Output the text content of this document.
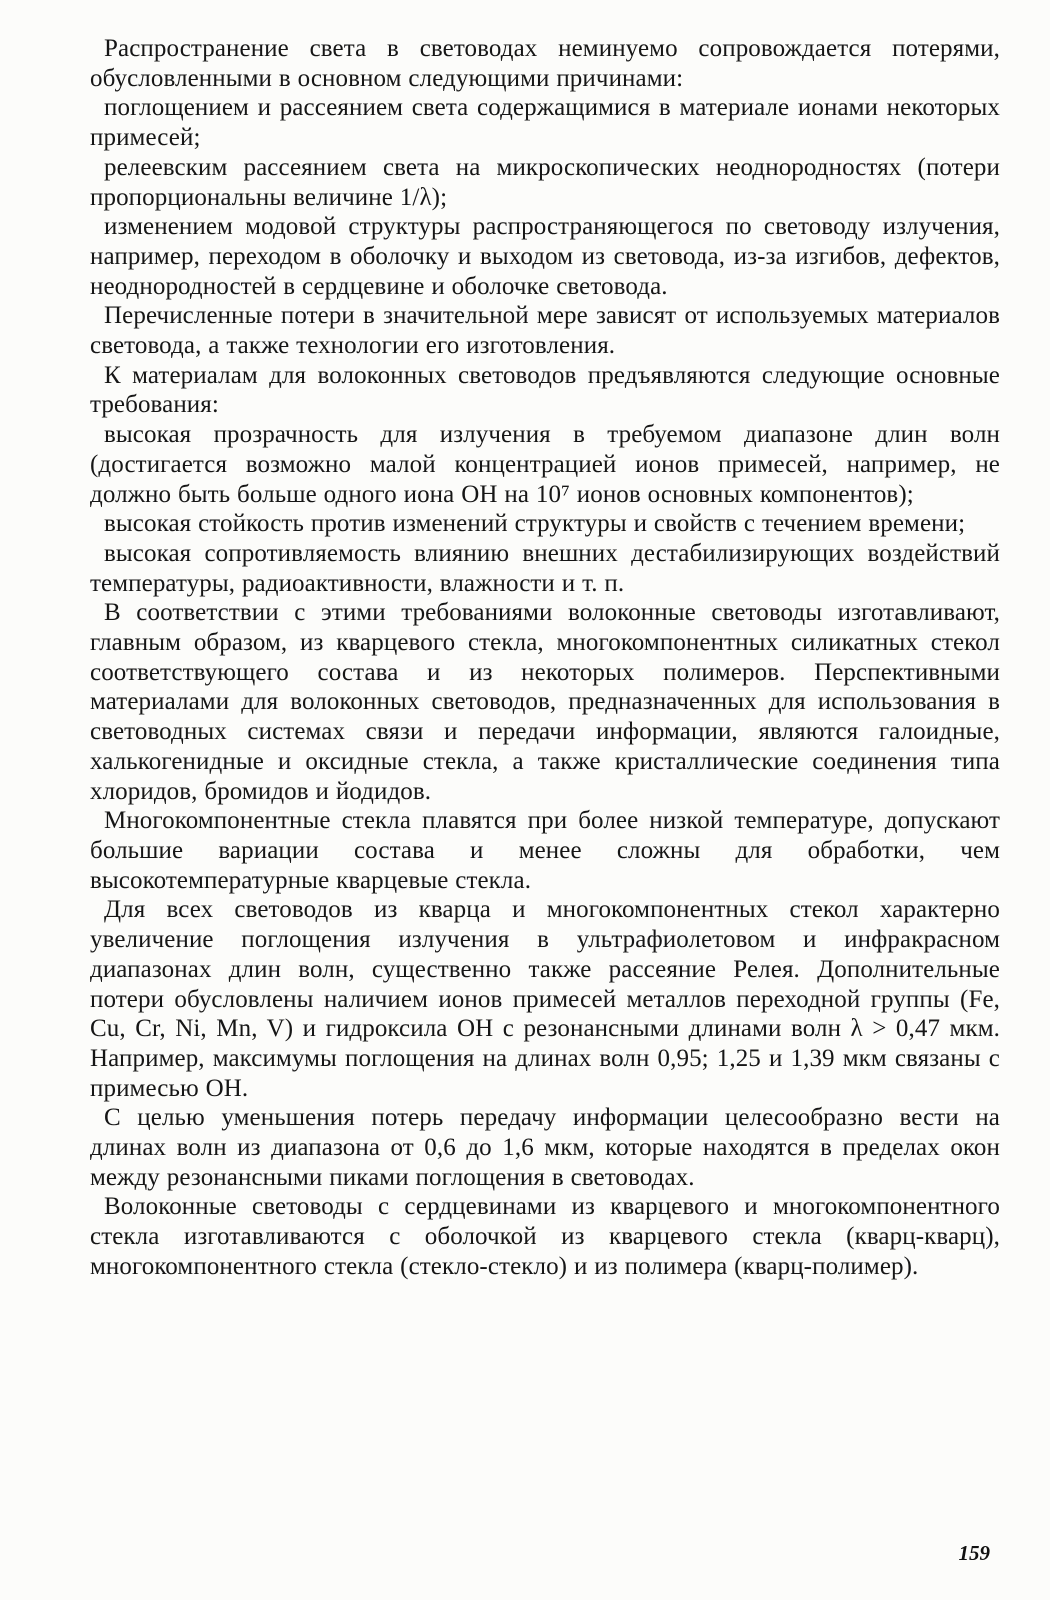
Распространение света в световодах неминуемо сопровождается потерями, обусловленными в основном следующими причинами:

поглощением и рассеянием света содержащимися в материале ионами некоторых примесей;

релеевским рассеянием света на микроскопических неоднородностях (потери пропорциональны величине 1/λ);

изменением модовой структуры распространяющегося по световоду излучения, например, переходом в оболочку и выходом из световода, из-за изгибов, дефектов, неоднородностей в сердцевине и оболочке световода.

Перечисленные потери в значительной мере зависят от используемых материалов световода, а также технологии его изготовления.

К материалам для волоконных световодов предъявляются следующие основные требования:

высокая прозрачность для излучения в требуемом диапазоне длин волн (достигается возможно малой концентрацией ионов примесей, например, не должно быть больше одного иона ОН на 10⁷ ионов основных компонентов);

высокая стойкость против изменений структуры и свойств с течением времени;

высокая сопротивляемость влиянию внешних дестабилизирующих воздействий температуры, радиоактивности, влажности и т. п.

В соответствии с этими требованиями волоконные световоды изготавливают, главным образом, из кварцевого стекла, многокомпонентных силикатных стекол соответствующего состава и из некоторых полимеров. Перспективными материалами для волоконных световодов, предназначенных для использования в световодных системах связи и передачи информации, являются галоидные, халькогенидные и оксидные стекла, а также кристаллические соединения типа хлоридов, бромидов и йодидов.

Многокомпонентные стекла плавятся при более низкой температуре, допускают большие вариации состава и менее сложны для обработки, чем высокотемпературные кварцевые стекла.

Для всех световодов из кварца и многокомпонентных стекол характерно увеличение поглощения излучения в ультрафиолетовом и инфракрасном диапазонах длин волн, существенно также рассеяние Релея. Дополнительные потери обусловлены наличием ионов примесей металлов переходной группы (Fe, Cu, Cr, Ni, Mn, V) и гидроксила ОН с резонансными длинами волн λ > 0,47 мкм. Например, максимумы поглощения на длинах волн 0,95; 1,25 и 1,39 мкм связаны с примесью ОН.

С целью уменьшения потерь передачу информации целесообразно вести на длинах волн из диапазона от 0,6 до 1,6 мкм, которые находятся в пределах окон между резонансными пиками поглощения в световодах.

Волоконные световоды с сердцевинами из кварцевого и многокомпонентного стекла изготавливаются с оболочкой из кварцевого стекла (кварц-кварц), многокомпонентного стекла (стекло-стекло) и из полимера (кварц-полимер).

159
